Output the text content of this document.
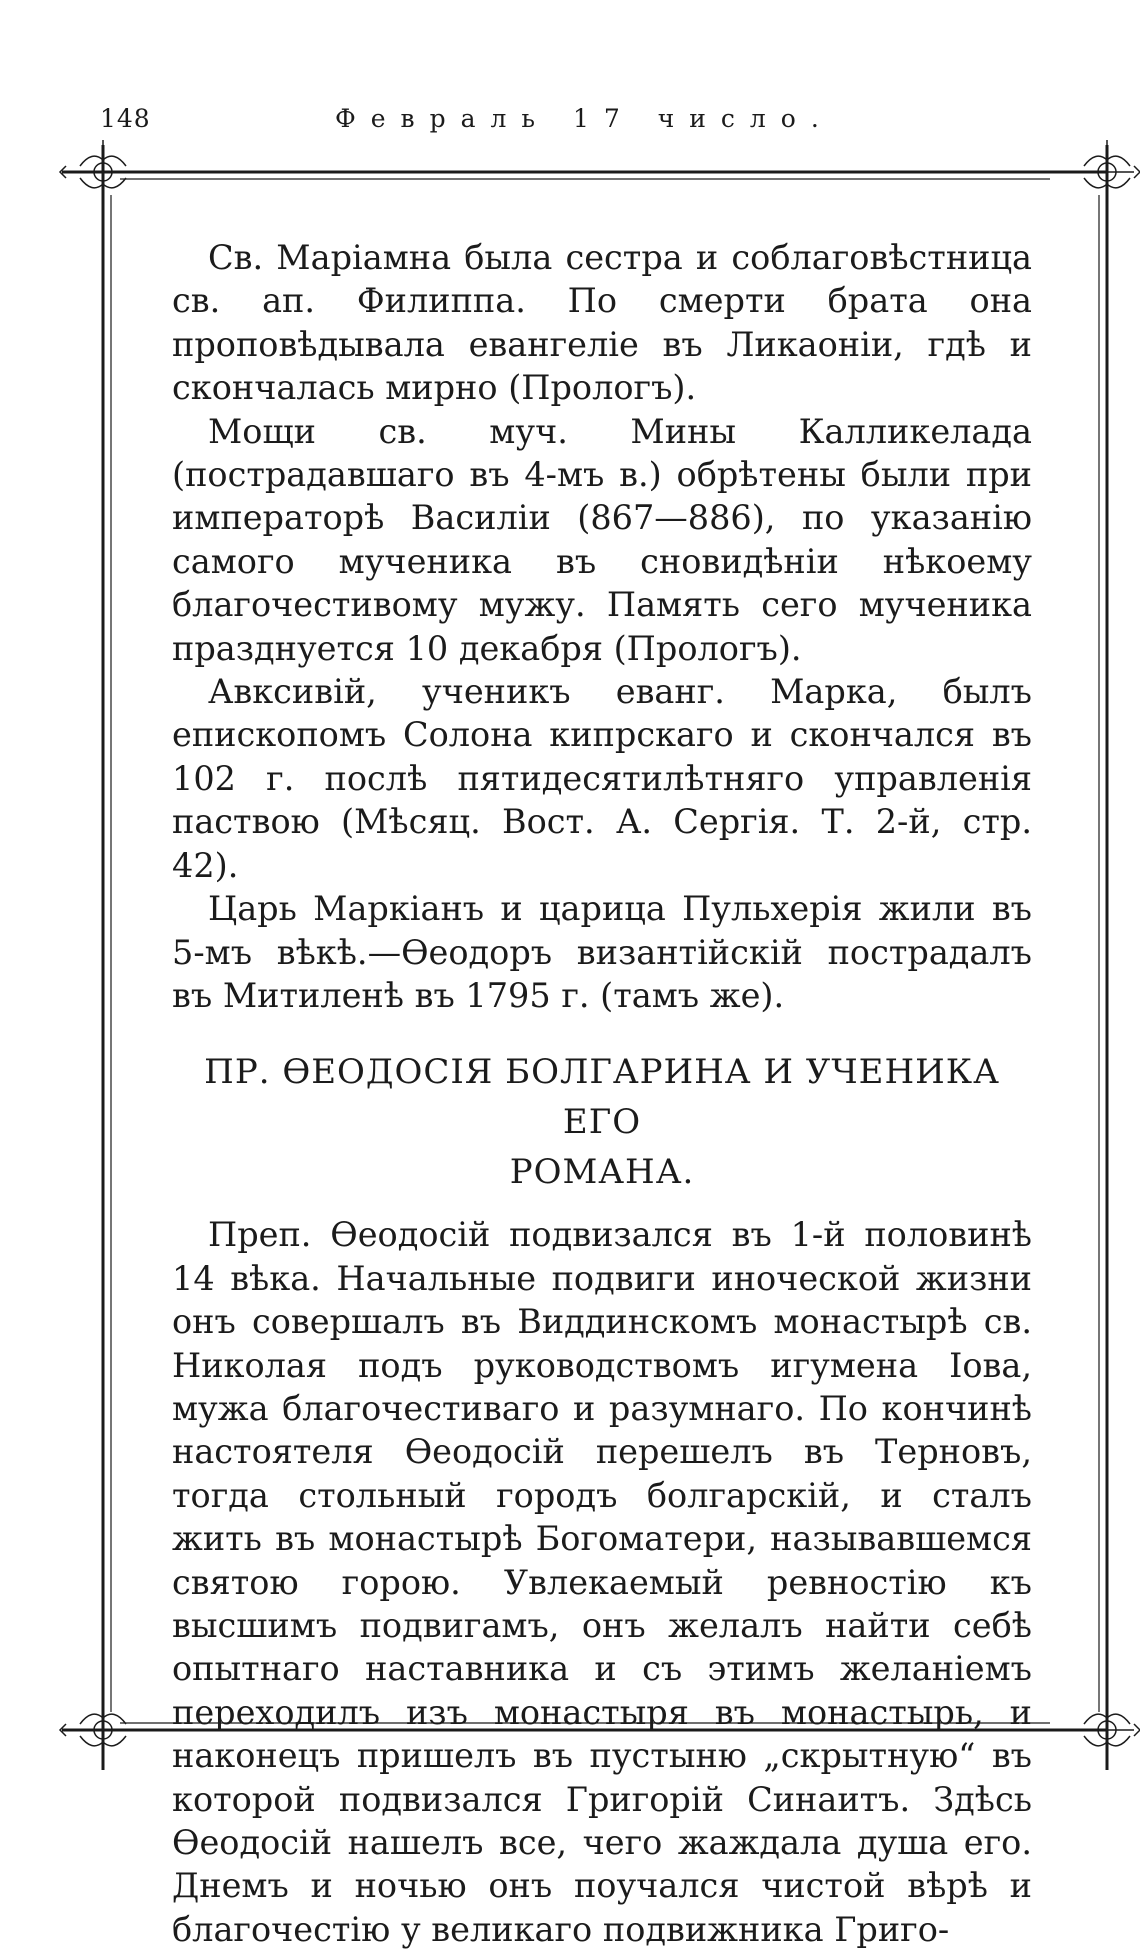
148	Февраль 17 число.

Св. Маріамна была сестра и соблаговѣстница св. ап. Филиппа. По смерти брата она проповѣдывала евангеліе въ Ликаоніи, гдѣ и скончалась мирно (Прологъ).

Мощи св. муч. Мины Калликелада (пострадавшаго въ 4-мъ в.) обрѣтены были при императорѣ Василіи (867—886), по указанію самого мученика въ сновидѣніи нѣкоему благочестивому мужу. Память сего мученика празднуется 10 декабря (Прологъ).

Авксивій, ученикъ еванг. Марка, былъ епископомъ Солона кипрскаго и скончался въ 102 г. послѣ пятидесятилѣтняго управленія паствою (Мѣсяц. Вост. А. Сергія. Т. 2-й, стр. 42).

Царь Маркіанъ и царица Пульхерія жили въ 5-мъ вѣкѣ.—Ѳеодоръ византійскій пострадалъ въ Митиленѣ въ 1795 г. (тамъ же).

ПР. ѲЕОДОСІЯ БОЛГАРИНА И УЧЕНИКА ЕГО
РОМАНА.

Преп. Ѳеодосій подвизался въ 1-й половинѣ 14 вѣка. Начальные подвиги иноческой жизни онъ совершалъ въ Виддинскомъ монастырѣ св. Николая подъ руководствомъ игумена Іова, мужа благочестиваго и разумнаго. По кончинѣ настоятеля Ѳеодосій перешелъ въ Терновъ, тогда стольный городъ болгарскій, и сталъ жить въ монастырѣ Богоматери, называвшемся святою горою. Увлекаемый ревностію къ высшимъ подвигамъ, онъ желалъ найти себѣ опытнаго наставника и съ этимъ желаніемъ переходилъ изъ монастыря въ монастырь, и наконецъ пришелъ въ пустыню „скрытную“ въ которой подвизался Григорій Синаитъ. Здѣсь Ѳеодосій нашелъ все, чего жаждала душа его. Днемъ и ночью онъ поучался чистой вѣрѣ и благочестію у великаго подвижника Григо-
